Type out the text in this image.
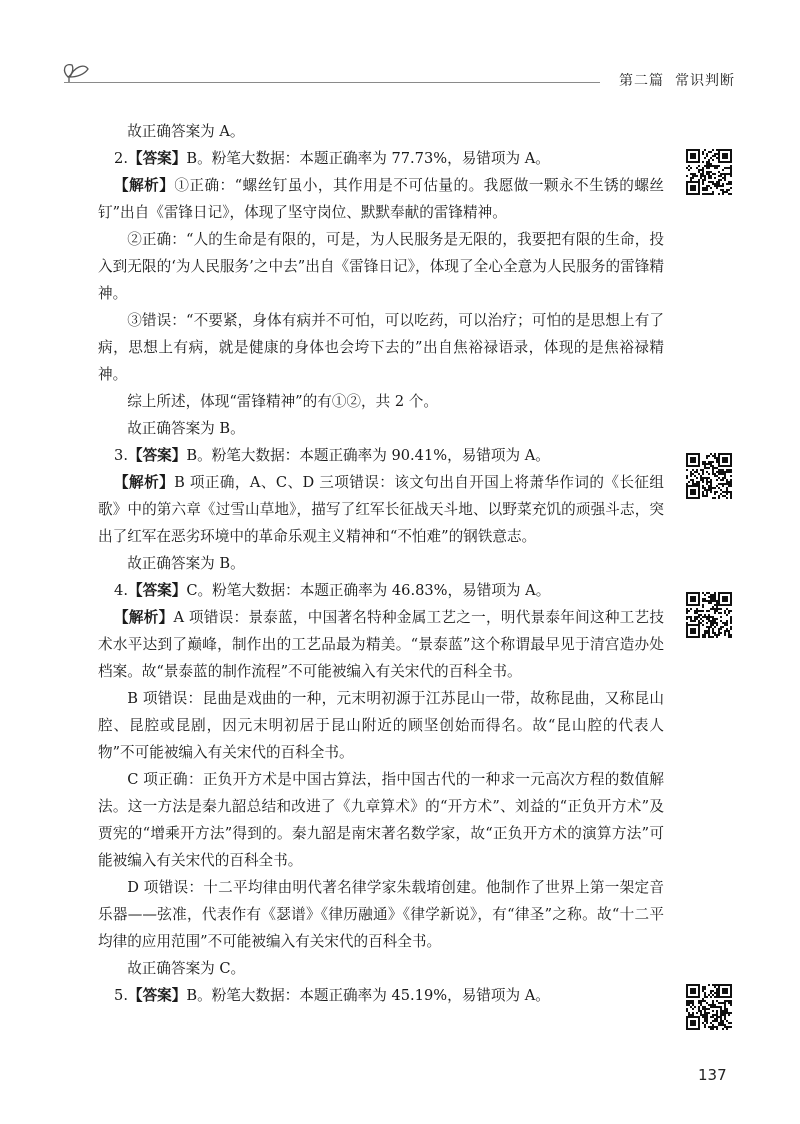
第二篇 常识判断

故正确答案为 A。

2.【答案】B。粉笔大数据：本题正确率为 77.73%，易错项为 A。

【解析】①正确：“螺丝钉虽小，其作用是不可估量的。我愿做一颗永不生锈的螺丝钉”出自《雷锋日记》，体现了坚守岗位、默默奉献的雷锋精神。

②正确：“人的生命是有限的，可是，为人民服务是无限的，我要把有限的生命，投入到无限的‘为人民服务’之中去”出自《雷锋日记》，体现了全心全意为人民服务的雷锋精神。

③错误：“不要紧，身体有病并不可怕，可以吃药，可以治疗；可怕的是思想上有了病，思想上有病，就是健康的身体也会垮下去的”出自焦裕禄语录，体现的是焦裕禄精神。

综上所述，体现“雷锋精神”的有①②，共 2 个。

故正确答案为 B。

3.【答案】B。粉笔大数据：本题正确率为 90.41%，易错项为 A。

【解析】B 项正确，A、C、D 三项错误：该文句出自开国上将萧华作词的《长征组歌》中的第六章《过雪山草地》，描写了红军长征战天斗地、以野菜充饥的顽强斗志，突出了红军在恶劣环境中的革命乐观主义精神和“不怕难”的钢铁意志。

故正确答案为 B。

4.【答案】C。粉笔大数据：本题正确率为 46.83%，易错项为 A。

【解析】A 项错误：景泰蓝，中国著名特种金属工艺之一，明代景泰年间这种工艺技术水平达到了巅峰，制作出的工艺品最为精美。“景泰蓝”这个称谓最早见于清宫造办处档案。故“景泰蓝的制作流程”不可能被编入有关宋代的百科全书。

B 项错误：昆曲是戏曲的一种，元末明初源于江苏昆山一带，故称昆曲，又称昆山腔、昆腔或昆剧，因元末明初居于昆山附近的顾坚创始而得名。故“昆山腔的代表人物”不可能被编入有关宋代的百科全书。

C 项正确：正负开方术是中国古算法，指中国古代的一种求一元高次方程的数值解法。这一方法是秦九韶总结和改进了《九章算术》的“开方术”、刘益的“正负开方术”及贾宪的“增乘开方法”得到的。秦九韶是南宋著名数学家，故“正负开方术的演算方法”可能被编入有关宋代的百科全书。

D 项错误：十二平均律由明代著名律学家朱载堉创建。他制作了世界上第一架定音乐器——弦准，代表作有《瑟谱》《律历融通》《律学新说》，有“律圣”之称。故“十二平均律的应用范围”不可能被编入有关宋代的百科全书。

故正确答案为 C。

5.【答案】B。粉笔大数据：本题正确率为 45.19%，易错项为 A。

137
